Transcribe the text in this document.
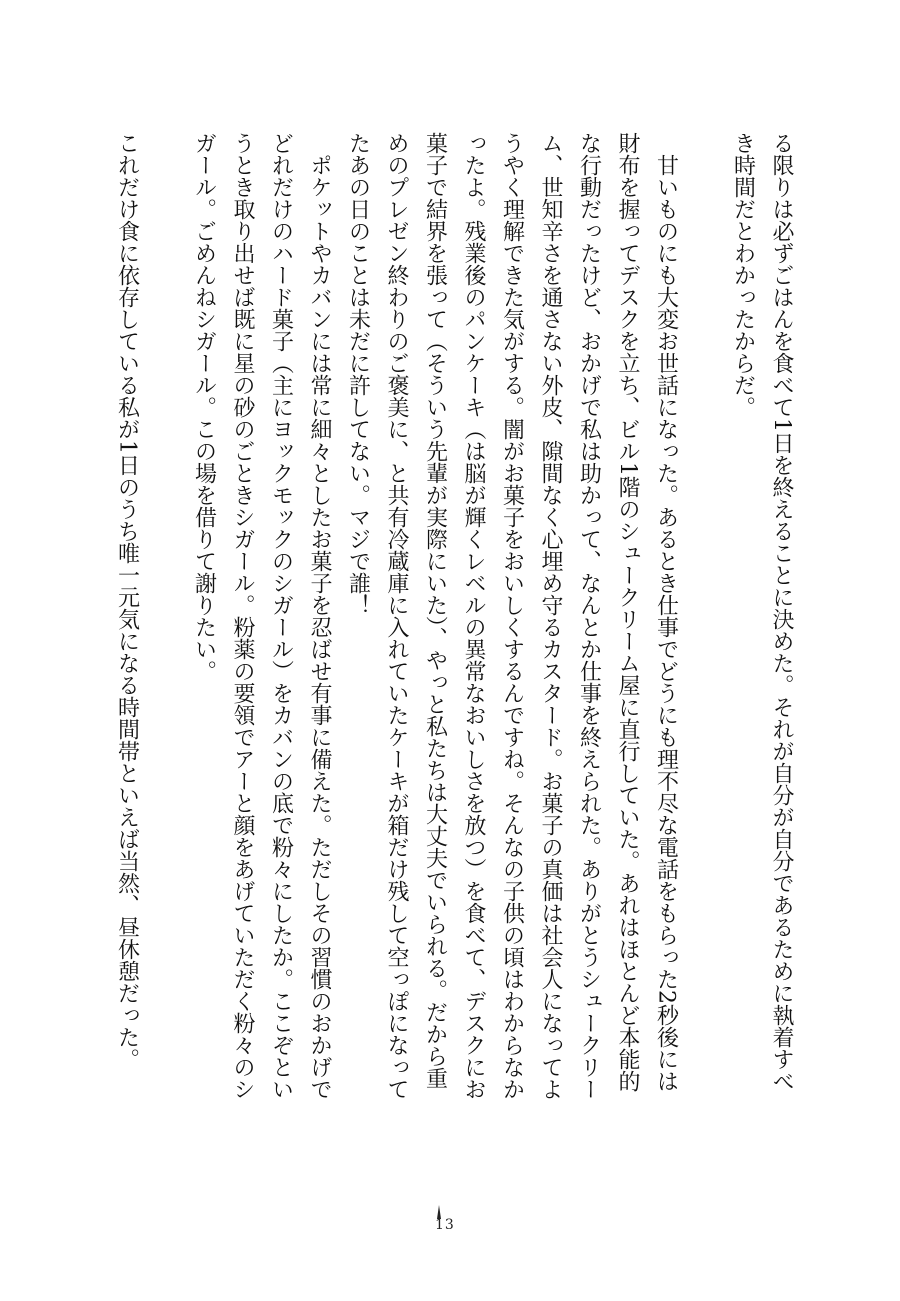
る限りは必ずごはんを食べて1日を終えることに決めた。それが自分が自分であるために執着すべ
き時間だとわかったからだ。
　甘いものにも大変お世話になった。あるとき仕事でどうにも理不尽な電話をもらった2秒後には
財布を握ってデスクを立ち、ビル1階のシュークリーム屋に直行していた。あれはほとんど本能的
な行動だったけど、おかげで私は助かって、なんとか仕事を終えられた。ありがとうシュークリー
ム、世知辛さを通さない外皮、隙間なく心埋め守るカスタード。お菓子の真価は社会人になってよ
うやく理解できた気がする。闇がお菓子をおいしくするんですね。そんなの子供の頃はわからなか
ったよ。残業後のパンケーキ（は脳が輝くレベルの異常なおいしさを放つ）を食べて、デスクにお
菓子で結界を張って（そういう先輩が実際にいた）、やっと私たちは大丈夫でいられる。だから重
めのプレゼン終わりのご褒美に、と共有冷蔵庫に入れていたケーキが箱だけ残して空っぽになって
たあの日のことは未だに許してない。マジで誰！
　ポケットやカバンには常に細々としたお菓子を忍ばせ有事に備えた。ただしその習慣のおかげで
どれだけのハード菓子（主にヨックモックのシガール）をカバンの底で粉々にしたか。ここぞとい
うとき取り出せば既に星の砂のごときシガール。粉薬の要領でアーと顔をあげていただく粉々のシ
ガール。ごめんねシガール。この場を借りて謝りたい。
これだけ食に依存している私が1日のうち唯一元気になる時間帯といえば当然、昼休憩だった。
13
